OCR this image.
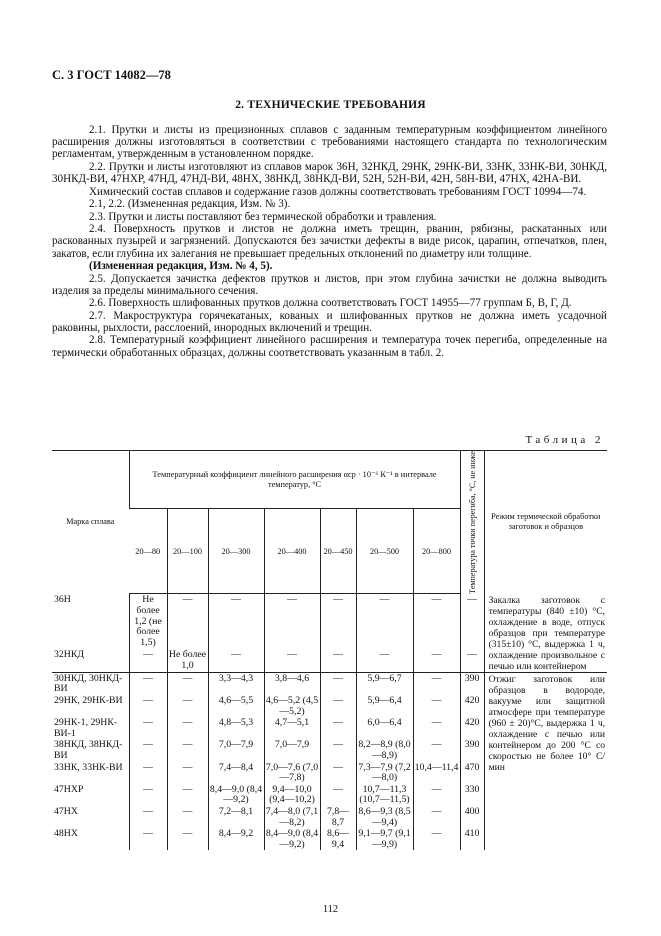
С. 3 ГОСТ 14082—78
2. ТЕХНИЧЕСКИЕ ТРЕБОВАНИЯ

2.1. Прутки и листы из прецизионных сплавов с заданным температурным коэффициентом линейного расширения должны изготовляться в соответствии с требованиями настоящего стандарта по технологическим регламентам, утвержденным в установленном порядке.

2.2. Прутки и листы изготовляют из сплавов марок 36Н, 32НКД, 29НК, 29НК-ВИ, 33НК, 33НК-ВИ, 30НКД, 30НКД-ВИ, 47НХР, 47НД, 47НД-ВИ, 48НХ, 38НКД, 38НКД-ВИ, 52Н, 52Н-ВИ, 42Н, 58Н-ВИ, 47НХ, 42НА-ВИ.

Химический состав сплавов и содержание газов должны соответствовать требованиям ГОСТ 10994—74.

2.1, 2.2. (Измененная редакция, Изм. № 3).

2.3. Прутки и листы поставляют без термической обработки и травления.

2.4. Поверхность прутков и листов не должна иметь трещин, рванин, рябизны, раскатанных или раскованных пузырей и загрязнений. Допускаются без зачистки дефекты в виде рисок, царапин, отпечатков, плен, закатов, если глубина их залегания не превышает предельных отклонений по диаметру или толщине.

(Измененная редакция, Изм. № 4, 5).

2.5. Допускается зачистка дефектов прутков и листов, при этом глубина зачистки не должна выводить изделия за пределы минимального сечения.

2.6. Поверхность шлифованных прутков должна соответствовать ГОСТ 14955—77 группам Б, В, Г, Д.

2.7. Макроструктура горячекатаных, кованых и шлифованных прутков не должна иметь усадочной раковины, рыхлости, расслоений, инородных включений и трещин.

2.8. Температурный коэффициент линейного расширения и температура точек перегиба, определенные на термически обработанных образцах, должны соответствовать указанным в табл. 2.

Таблица 2
Марка сплава	Температурный коэффициент линейного расширения αср · 10⁻⁶ К⁻¹ в интервале температур, °С							Температура точки перегиба, °С, не ниже	Режим термической обработки заготовок и образцов
	20—80	20—100	20—300	20—400	20—450	20—500	20—800		
36Н	Не более 1,2 (не более 1,5)	—	—	—	—	—	—	—	Закалка заготовок с температуры (840 ±10) °С, охлаждение в воде, отпуск образцов при температуре (315±10) °С, выдержка 1 ч, охлаждение произвольное с печью или контейнером
32НКД	—	Не более 1,0	—	—	—	—	—	—	
30НКД, 30НКД-ВИ	—	—	3,3—4,3	3,8—4,6	—	5,9—6,7	—	390	Отжиг заготовок или образцов в водороде, вакууме или защитной атмосфере при температуре (960 ± 20)°С, выдержка 1 ч, охлаждение с печью или контейнером до 200 °С со скоростью не более 10° С/мин
29НК, 29НК-ВИ	—	—	4,6—5,5	4,6—5,2 (4,5—5,2)	—	5,9—6,4	—	420	
29НК-1, 29НК-ВИ-1	—	—	4,8—5,3	4,7—5,1	—	6,0—6,4	—	420	
38НКД, 38НКД-ВИ	—	—	7,0—7,9	7,0—7,9	—	8,2—8,9 (8,0—8,9)	—	390	
33НК, 33НК-ВИ	—	—	7,4—8,4	7,0—7,6 (7,0—7,8)	—	7,3—7,9 (7,2—8,0)	10,4—11,4	470	
47НХР	—	—	8,4—9,0 (8,4—9,2)	9,4—10,0 (9,4—10,2)	—	10,7—11,3 (10,7—11,5)	—	330	
47НХ	—	—	7,2—8,1	7,4—8,0 (7,1—8,2)	7,8—8,7	8,6—9,3 (8,5—9,4)	—	400	
48НХ	—	—	8,4—9,2	8,4—9,0 (8,4—9,2)	8,6—9,4	9,1—9,7 (9,1—9,9)	—	410	
112
